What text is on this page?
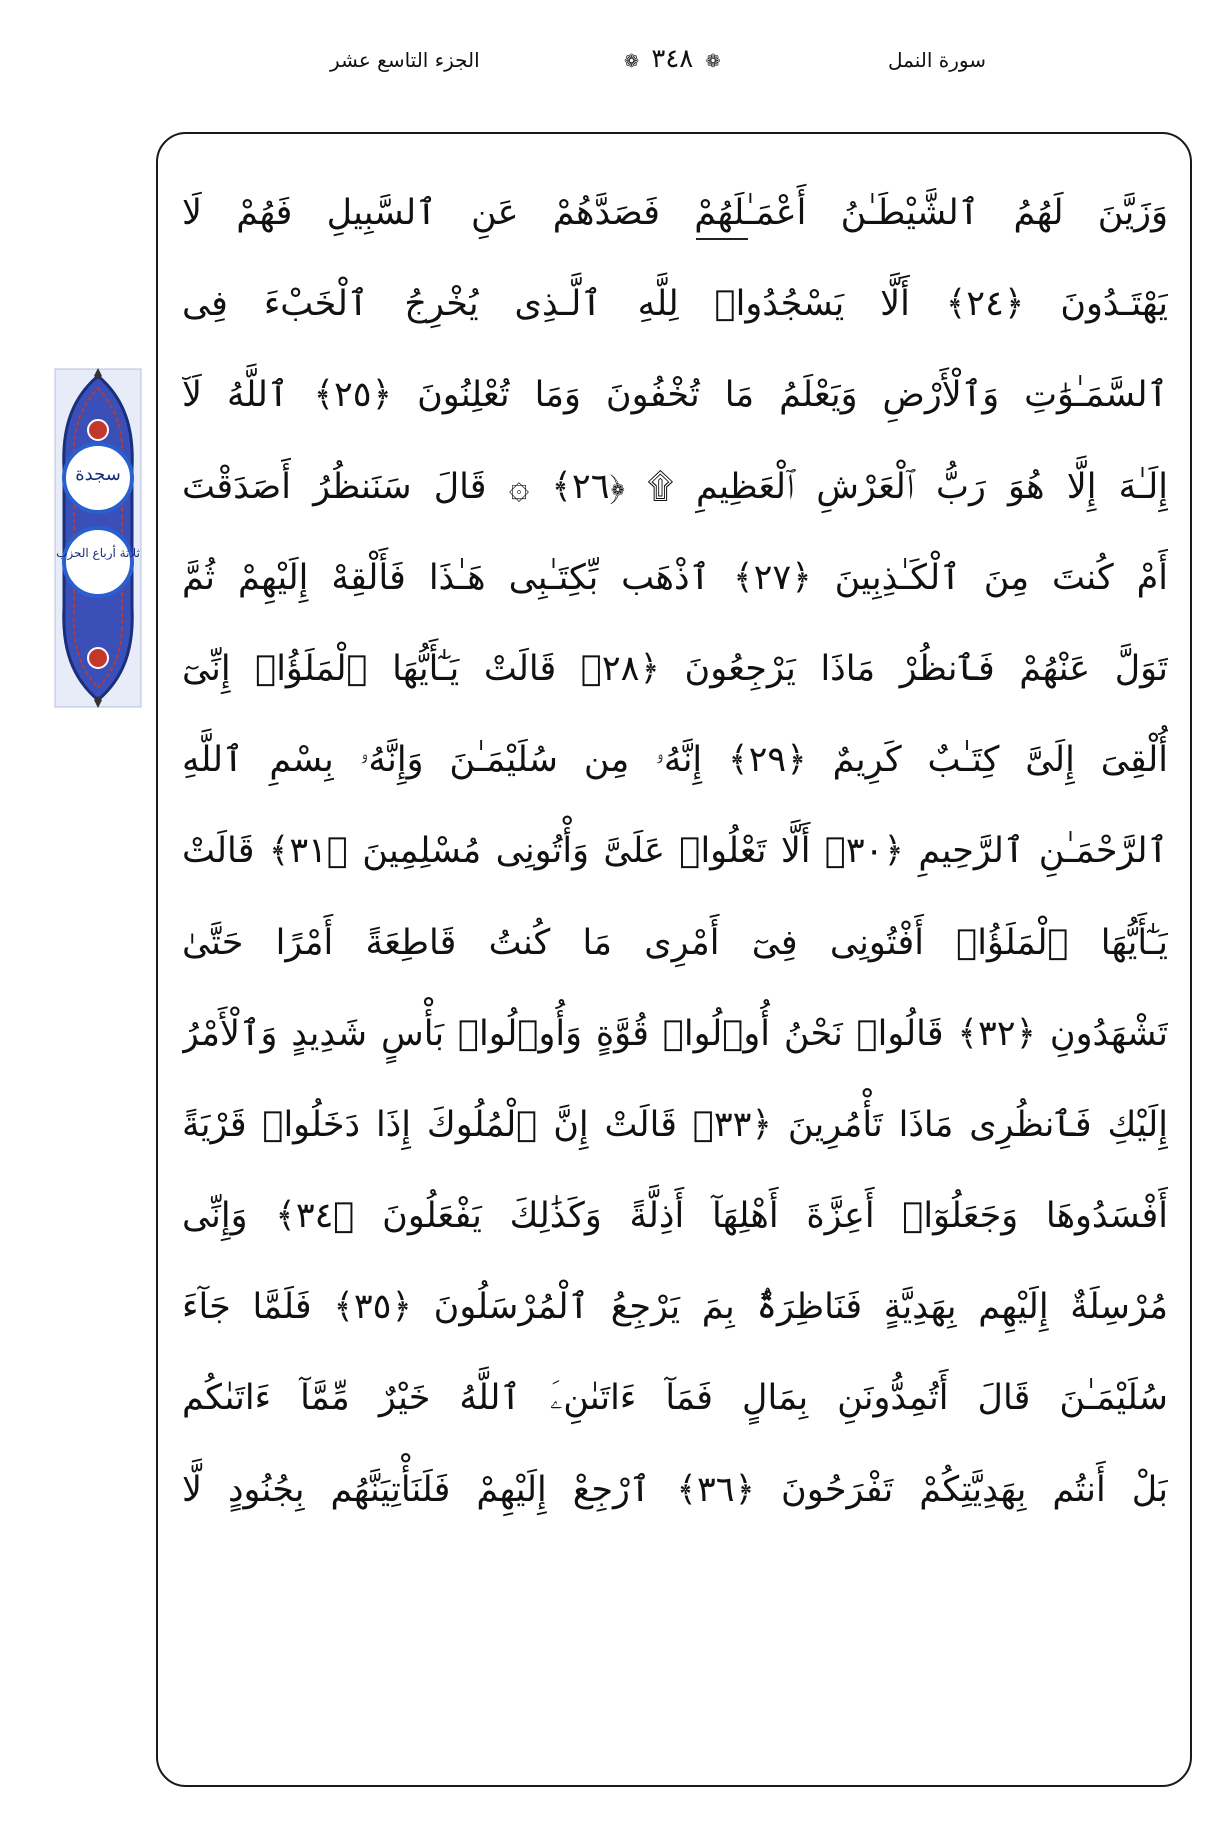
الجزء التاسع عشر	❁ ٣٤٨ ❁	سورة النمل
سجدة
ثلاثة أرباع الحزب
وَزَيَّنَ لَهُمُ ٱلشَّيْطَـٰنُ أَعْمَـٰلَهُمْ فَصَدَّهُمْ عَنِ ٱلسَّبِيلِ فَهُمْ لَا
يَهْتَـدُونَ ﴿٢٤﴾ أَلَّا يَسْجُدُوا۟ لِلَّهِ ٱلَّـذِى يُخْرِجُ ٱلْخَبْءَ فِى
ٱلسَّمَـٰوَٰتِ وَٱلْأَرْضِ وَيَعْلَمُ مَا تُخْفُونَ وَمَا تُعْلِنُونَ ﴿٢٥﴾ ٱللَّهُ لَآ
إِلَـٰهَ إِلَّا هُوَ رَبُّ ٱلْعَرْشِ ٱلْعَظِيمِ ۩ ﴿٢٦﴾ ۞ قَالَ سَنَنظُرُ أَصَدَقْتَ
أَمْ كُنتَ مِنَ ٱلْكَـٰذِبِينَ ﴿٢٧﴾ ٱذْهَب بِّكِتَـٰبِى هَـٰذَا فَأَلْقِهْ إِلَيْهِمْ ثُمَّ
تَوَلَّ عَنْهُمْ فَٱنظُرْ مَاذَا يَرْجِعُونَ ﴿٢٨﴾ قَالَتْ يَـٰٓأَيُّهَا ٱلْمَلَؤُا۟ إِنِّىٓ
أُلْقِىَ إِلَىَّ كِتَـٰبٌ كَرِيمٌ ﴿٢٩﴾ إِنَّهُۥ مِن سُلَيْمَـٰنَ وَإِنَّهُۥ بِسْمِ ٱللَّهِ
ٱلرَّحْمَـٰنِ ٱلرَّحِيمِ ﴿٣٠﴾ أَلَّا تَعْلُوا۟ عَلَىَّ وَأْتُونِى مُسْلِمِينَ ﴿٣١﴾ قَالَتْ
يَـٰٓأَيُّهَا ٱلْمَلَؤُا۟ أَفْتُونِى فِىٓ أَمْرِى مَا كُنتُ قَاطِعَةً أَمْرًا حَتَّىٰ
تَشْهَدُونِ ﴿٣٢﴾ قَالُوا۟ نَحْنُ أُو۟لُوا۟ قُوَّةٍ وَأُو۟لُوا۟ بَأْسٍ شَدِيدٍ وَٱلْأَمْرُ
إِلَيْكِ فَٱنظُرِى مَاذَا تَأْمُرِينَ ﴿٣٣﴾ قَالَتْ إِنَّ ٱلْمُلُوكَ إِذَا دَخَلُوا۟ قَرْيَةً
أَفْسَدُوهَا وَجَعَلُوٓا۟ أَعِزَّةَ أَهْلِهَآ أَذِلَّةً وَكَذَٰلِكَ يَفْعَلُونَ ﴿٣٤﴾ وَإِنِّى
مُرْسِلَةٌ إِلَيْهِم بِهَدِيَّةٍ فَنَاظِرَةٌۢ بِمَ يَرْجِعُ ٱلْمُرْسَلُونَ ﴿٣٥﴾ فَلَمَّا جَآءَ
سُلَيْمَـٰنَ قَالَ أَتُمِدُّونَنِ بِمَالٍ فَمَآ ءَاتَىٰنِۦَ ٱللَّهُ خَيْرٌ مِّمَّآ ءَاتَىٰكُم
بَلْ أَنتُم بِهَدِيَّتِكُمْ تَفْرَحُونَ ﴿٣٦﴾ ٱرْجِعْ إِلَيْهِمْ فَلَنَأْتِيَنَّهُم بِجُنُودٍ لَّا
